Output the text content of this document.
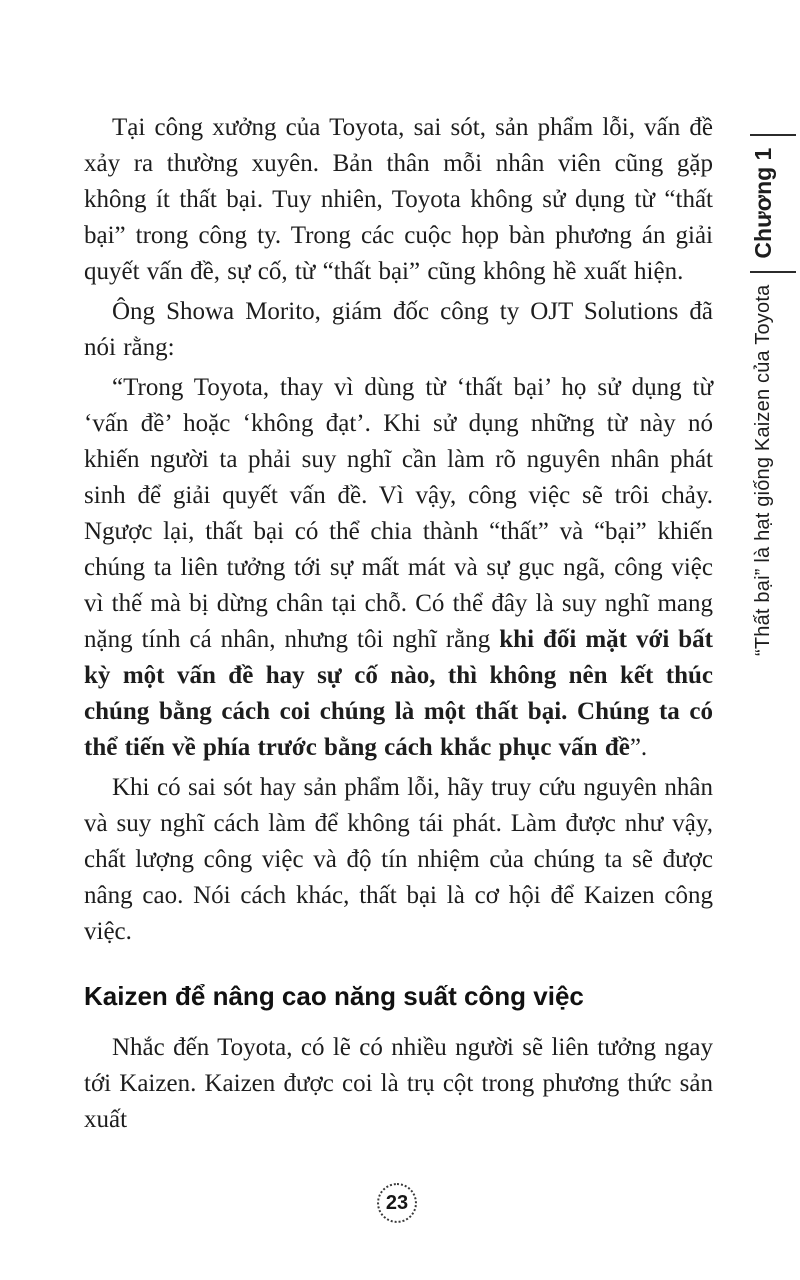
Tại công xưởng của Toyota, sai sót, sản phẩm lỗi, vấn đề xảy ra thường xuyên. Bản thân mỗi nhân viên cũng gặp không ít thất bại. Tuy nhiên, Toyota không sử dụng từ “thất bại” trong công ty. Trong các cuộc họp bàn phương án giải quyết vấn đề, sự cố, từ “thất bại” cũng không hề xuất hiện.

Ông Showa Morito, giám đốc công ty OJT Solutions đã nói rằng:

“Trong Toyota, thay vì dùng từ ‘thất bại’ họ sử dụng từ ‘vấn đề’ hoặc ‘không đạt’. Khi sử dụng những từ này nó khiến người ta phải suy nghĩ cần làm rõ nguyên nhân phát sinh để giải quyết vấn đề. Vì vậy, công việc sẽ trôi chảy. Ngược lại, thất bại có thể chia thành “thất” và “bại” khiến chúng ta liên tưởng tới sự mất mát và sự gục ngã, công việc vì thế mà bị dừng chân tại chỗ. Có thể đây là suy nghĩ mang nặng tính cá nhân, nhưng tôi nghĩ rằng khi đối mặt với bất kỳ một vấn đề hay sự cố nào, thì không nên kết thúc chúng bằng cách coi chúng là một thất bại. Chúng ta có thể tiến về phía trước bằng cách khắc phục vấn đề”.

Khi có sai sót hay sản phẩm lỗi, hãy truy cứu nguyên nhân và suy nghĩ cách làm để không tái phát. Làm được như vậy, chất lượng công việc và độ tín nhiệm của chúng ta sẽ được nâng cao. Nói cách khác, thất bại là cơ hội để Kaizen công việc.

Kaizen để nâng cao năng suất công việc

Nhắc đến Toyota, có lẽ có nhiều người sẽ liên tưởng ngay tới Kaizen. Kaizen được coi là trụ cột trong phương thức sản xuất

“Thất bại” là hạt giống Kaizen của Toyota
Chương 1
23
